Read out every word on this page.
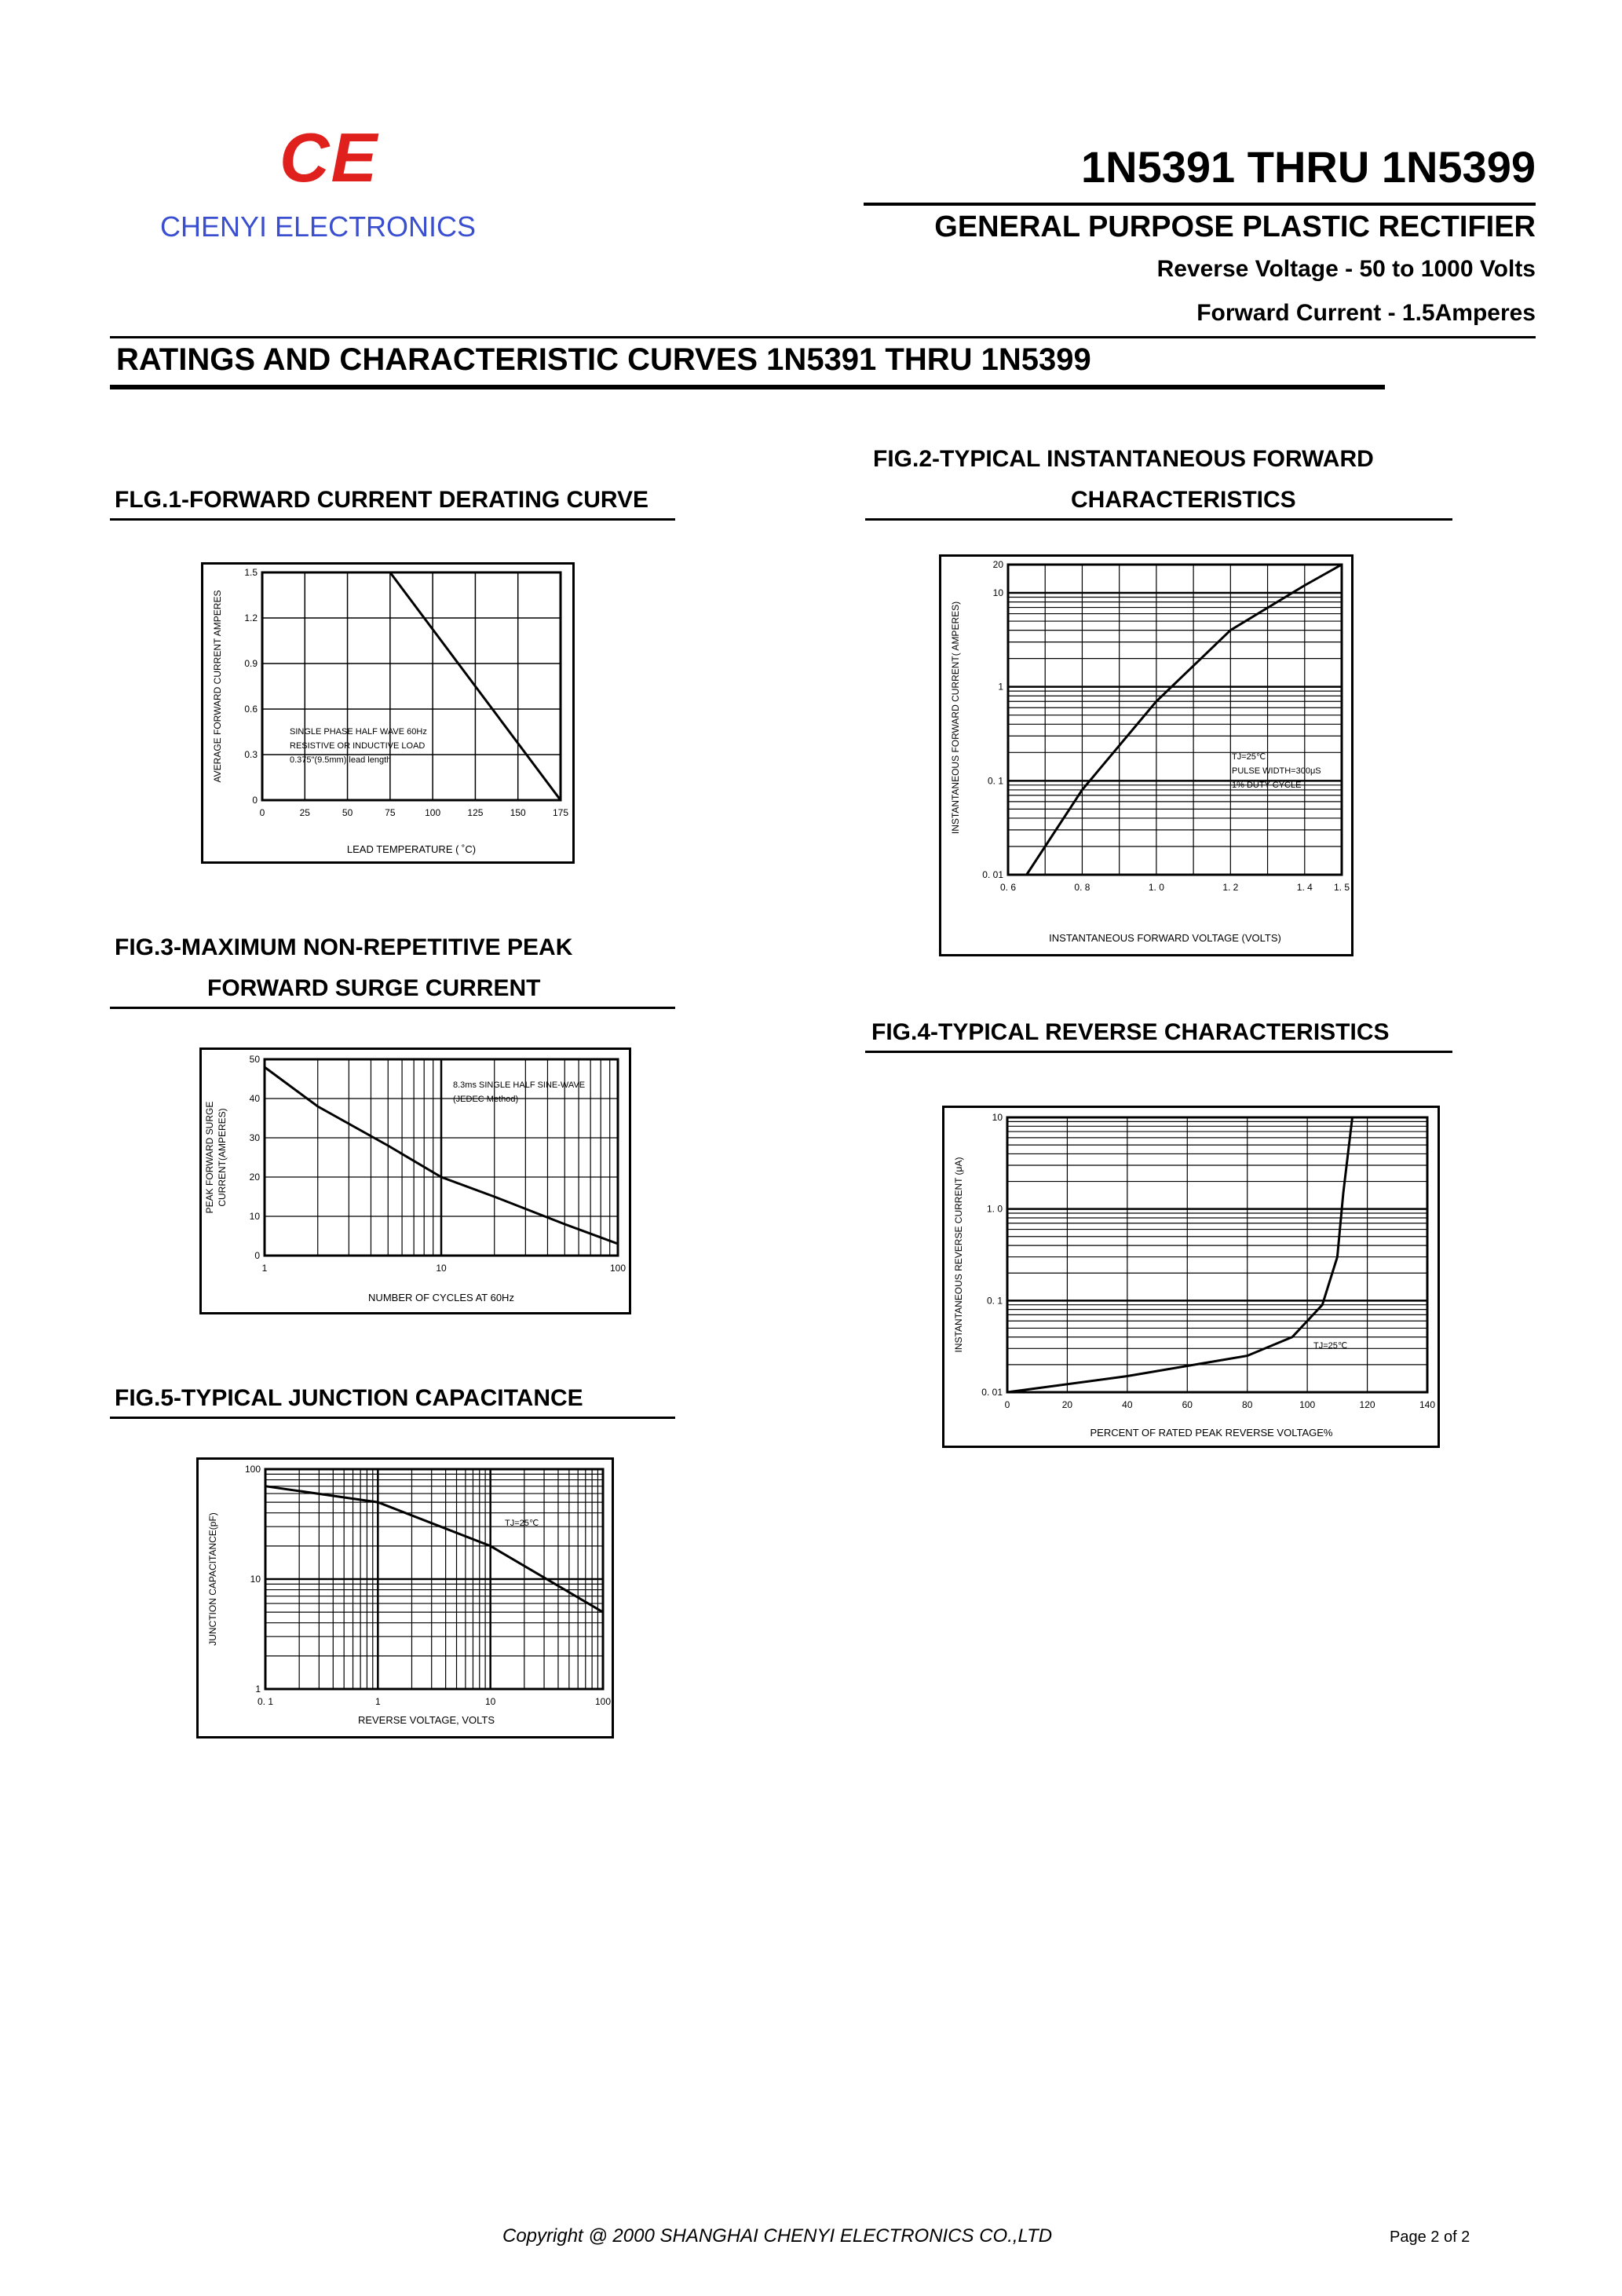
CE
CHENYI ELECTRONICS
1N5391 THRU 1N5399
GENERAL PURPOSE PLASTIC RECTIFIER
Reverse Voltage - 50 to 1000 Volts
Forward Current - 1.5Amperes
RATINGS AND CHARACTERISTIC CURVES 1N5391 THRU 1N5399
FLG.1-FORWARD CURRENT DERATING CURVE
1.5
1.2
0.9
0.6
0.3
0
0	25	50	75	100	125	150	175
SINGLE PHASE HALF WAVE 60Hz
RESISTIVE OR INDUCTIVE LOAD
0.375"(9.5mm) lead length
AVERAGE FORWARD CURRENT AMPERES
LEAD TEMPERATURE ( ˚C)
FIG.2-TYPICAL INSTANTANEOUS FORWARD
CHARACTERISTICS
20
10
1
0. 1
0. 01
0. 6	0. 8	1. 0	1. 2	1. 4 1. 5
TJ=25℃
PULSE WIDTH=300μS
1% DUTY CYCLE
INSTANTANEOUS FORWARD CURRENT( AMPERES)
INSTANTANEOUS FORWARD VOLTAGE (VOLTS)
FIG.3-MAXIMUM NON-REPETITIVE PEAK
FORWARD SURGE CURRENT
50
40
30
20
10
0
1	10	100
8.3ms SINGLE HALF SINE-WAVE
(JEDEC Method)
PEAK FORWARD SURGE CURRENT(AMPERES)
NUMBER OF CYCLES AT 60Hz
FIG.4-TYPICAL REVERSE CHARACTERISTICS
10
1. 0
0. 1
0. 01
0	20	40	60	80	100	120	140
TJ=25℃
INSTANTANEOUS REVERSE CURRENT (μA)
PERCENT OF RATED PEAK REVERSE VOLTAGE%
FIG.5-TYPICAL JUNCTION CAPACITANCE
100
10
1
0. 1	1	10	100
TJ=25℃
JUNCTION CAPACITANCE(pF)
REVERSE VOLTAGE, VOLTS
Copyright @ 2000 SHANGHAI CHENYI ELECTRONICS CO.,LTD	Page 2 of 2
